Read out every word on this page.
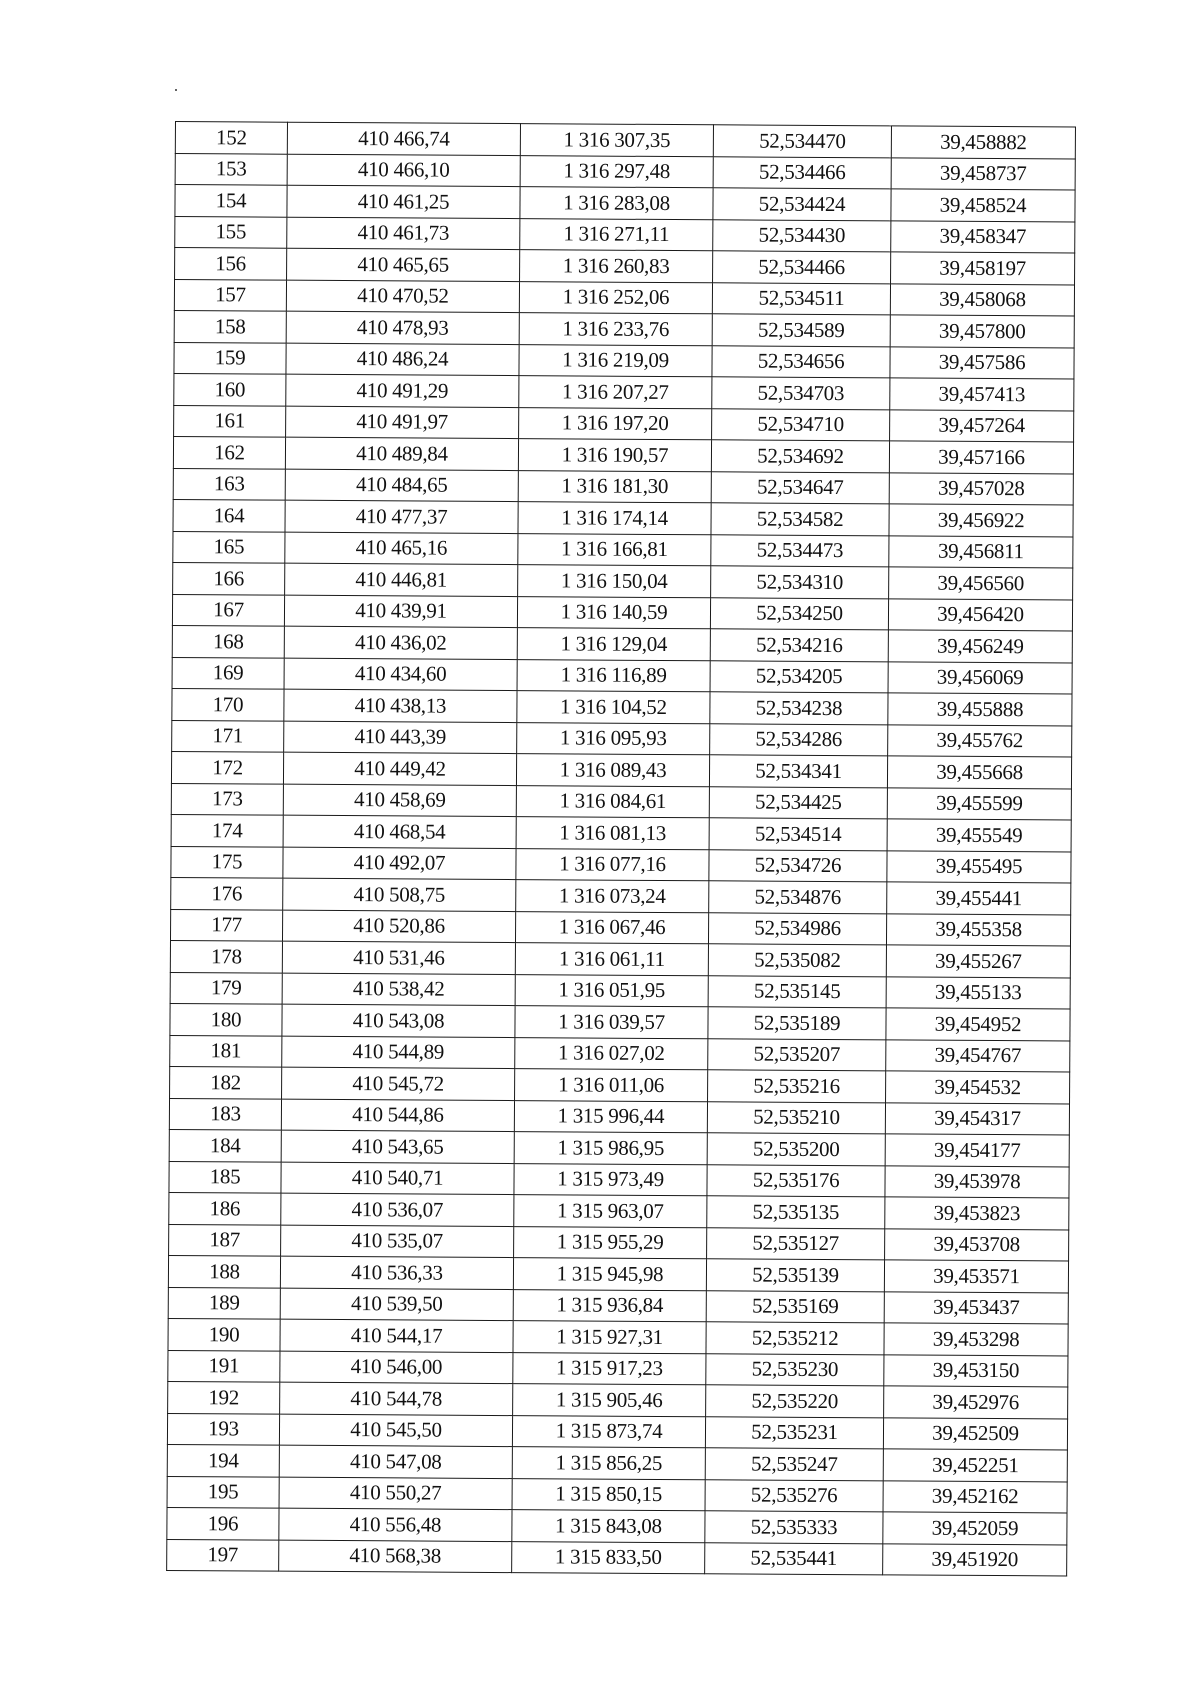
152	410 466,74	1 316 307,35	52,534470	39,458882
153	410 466,10	1 316 297,48	52,534466	39,458737
154	410 461,25	1 316 283,08	52,534424	39,458524
155	410 461,73	1 316 271,11	52,534430	39,458347
156	410 465,65	1 316 260,83	52,534466	39,458197
157	410 470,52	1 316 252,06	52,534511	39,458068
158	410 478,93	1 316 233,76	52,534589	39,457800
159	410 486,24	1 316 219,09	52,534656	39,457586
160	410 491,29	1 316 207,27	52,534703	39,457413
161	410 491,97	1 316 197,20	52,534710	39,457264
162	410 489,84	1 316 190,57	52,534692	39,457166
163	410 484,65	1 316 181,30	52,534647	39,457028
164	410 477,37	1 316 174,14	52,534582	39,456922
165	410 465,16	1 316 166,81	52,534473	39,456811
166	410 446,81	1 316 150,04	52,534310	39,456560
167	410 439,91	1 316 140,59	52,534250	39,456420
168	410 436,02	1 316 129,04	52,534216	39,456249
169	410 434,60	1 316 116,89	52,534205	39,456069
170	410 438,13	1 316 104,52	52,534238	39,455888
171	410 443,39	1 316 095,93	52,534286	39,455762
172	410 449,42	1 316 089,43	52,534341	39,455668
173	410 458,69	1 316 084,61	52,534425	39,455599
174	410 468,54	1 316 081,13	52,534514	39,455549
175	410 492,07	1 316 077,16	52,534726	39,455495
176	410 508,75	1 316 073,24	52,534876	39,455441
177	410 520,86	1 316 067,46	52,534986	39,455358
178	410 531,46	1 316 061,11	52,535082	39,455267
179	410 538,42	1 316 051,95	52,535145	39,455133
180	410 543,08	1 316 039,57	52,535189	39,454952
181	410 544,89	1 316 027,02	52,535207	39,454767
182	410 545,72	1 316 011,06	52,535216	39,454532
183	410 544,86	1 315 996,44	52,535210	39,454317
184	410 543,65	1 315 986,95	52,535200	39,454177
185	410 540,71	1 315 973,49	52,535176	39,453978
186	410 536,07	1 315 963,07	52,535135	39,453823
187	410 535,07	1 315 955,29	52,535127	39,453708
188	410 536,33	1 315 945,98	52,535139	39,453571
189	410 539,50	1 315 936,84	52,535169	39,453437
190	410 544,17	1 315 927,31	52,535212	39,453298
191	410 546,00	1 315 917,23	52,535230	39,453150
192	410 544,78	1 315 905,46	52,535220	39,452976
193	410 545,50	1 315 873,74	52,535231	39,452509
194	410 547,08	1 315 856,25	52,535247	39,452251
195	410 550,27	1 315 850,15	52,535276	39,452162
196	410 556,48	1 315 843,08	52,535333	39,452059
197	410 568,38	1 315 833,50	52,535441	39,451920
